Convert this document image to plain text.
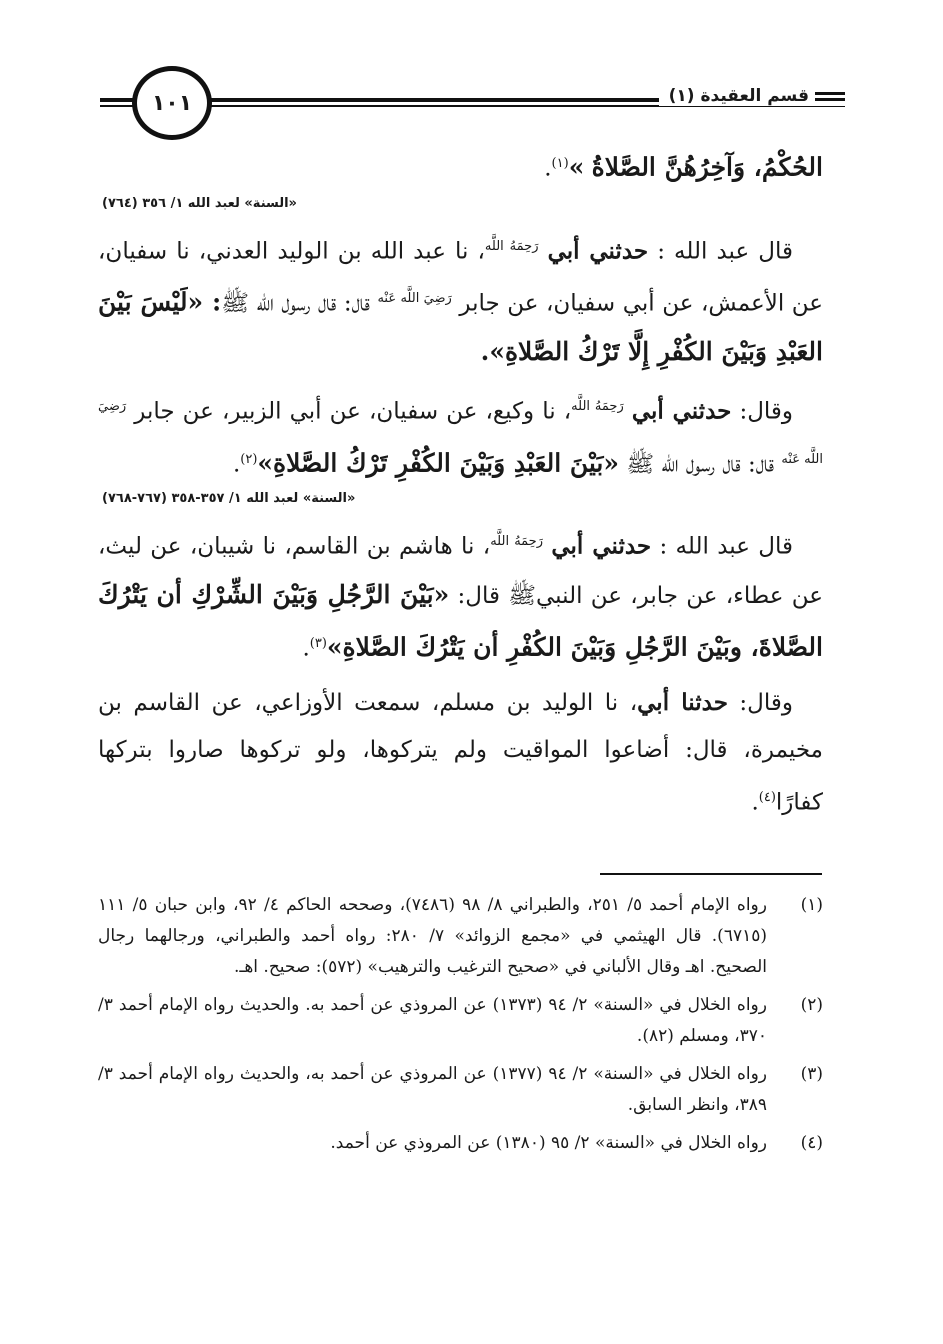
١٠١	قسم العقيدة (١)

الحُكْمُ، وَآخِرُهُنَّ الصَّلاةُ »$^{(١)}$.

«السنة» لعبد الله ١/ ٣٥٦ (٧٦٤)

قال عبد الله : حدثني أبي $^{رَحِمَهُ اللَّه}$، نا عبد الله بن الوليد العدني، نا سفيان، عن الأعمش، عن أبي سفيان، عن جابر $^{رَضِيَ اللَّه عَنْه}$ قال: قال رسول الله ﷺ: «لَيْسَ بَيْنَ العَبْدِ وَبَيْنَ الكُفْرِ إِلَّا تَرْكُ الصَّلاةِ».

وقال: حدثني أبي $^{رَحِمَهُ اللَّه}$، نا وكيع، عن سفيان، عن أبي الزبير، عن جابر $^{رَضِيَ اللَّه عَنْه}$ قال: قال رسول الله ﷺ «بَيْنَ العَبْدِ وَبَيْنَ الكُفْرِ تَرْكُ الصَّلاةِ»$^{(٢)}$.

«السنة» لعبد الله ١/ ٣٥٧-٣٥٨ (٧٦٧-٧٦٨)

قال عبد الله : حدثني أبي $^{رَحِمَهُ اللَّه}$، نا هاشم بن القاسم، نا شيبان، عن ليث، عن عطاء، عن جابر، عن النبيﷺ قال: «بَيْنَ الرَّجُلِ وَبَيْنَ الشِّرْكِ أن يَتْرُكَ الصَّلاةَ، وبَيْنَ الرَّجُلِ وَبَيْنَ الكُفْرِ أن يَتْرُكَ الصَّلاةِ»$^{(٣)}$.

وقال: حدثنا أبي، نا الوليد بن مسلم، سمعت الأوزاعي، عن القاسم بن مخيمرة، قال: أضاعوا المواقيت ولم يتركوها، ولو تركوها صاروا بتركها كفارًا$^{(٤)}$.

(١)
رواه الإمام أحمد ٥/ ٢٥١، والطبراني ٨/ ٩٨ (٧٤٨٦)، وصححه الحاكم ٤/ ٩٢، وابن حبان ٥/ ١١١ (٦٧١٥). قال الهيثمي في «مجمع الزوائد» ٧/ ٢٨٠: رواه أحمد والطبراني، ورجالهما رجال الصحيح. اهـ وقال الألباني في «صحيح الترغيب والترهيب» (٥٧٢): صحيح. اهـ.
(٢)
رواه الخلال في «السنة» ٢/ ٩٤ (١٣٧٣) عن المروذي عن أحمد به. والحديث رواه الإمام أحمد ٣/ ٣٧٠، ومسلم (٨٢).
(٣)
رواه الخلال في «السنة» ٢/ ٩٤ (١٣٧٧) عن المروذي عن أحمد به، والحديث رواه الإمام أحمد ٣/ ٣٨٩، وانظر السابق.
(٤)
رواه الخلال في «السنة» ٢/ ٩٥ (١٣٨٠) عن المروذي عن أحمد.
